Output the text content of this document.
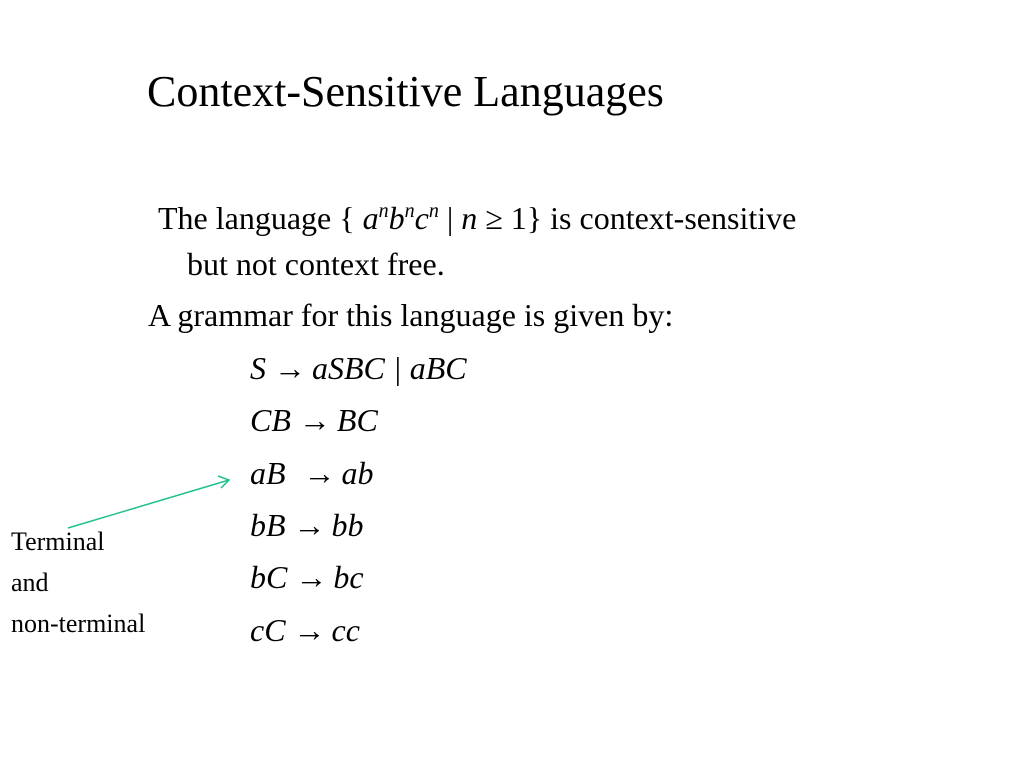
Context-Sensitive Languages
The language { $a^nb^nc^n$ | n ≥ 1} is context-sensitive
but not context free.
A grammar for this language is given by:
S → aSBC | aBC
CB → BC
aB → ab
bB → bb
bC → bc
cC → cc
Terminal
and
non-terminal
